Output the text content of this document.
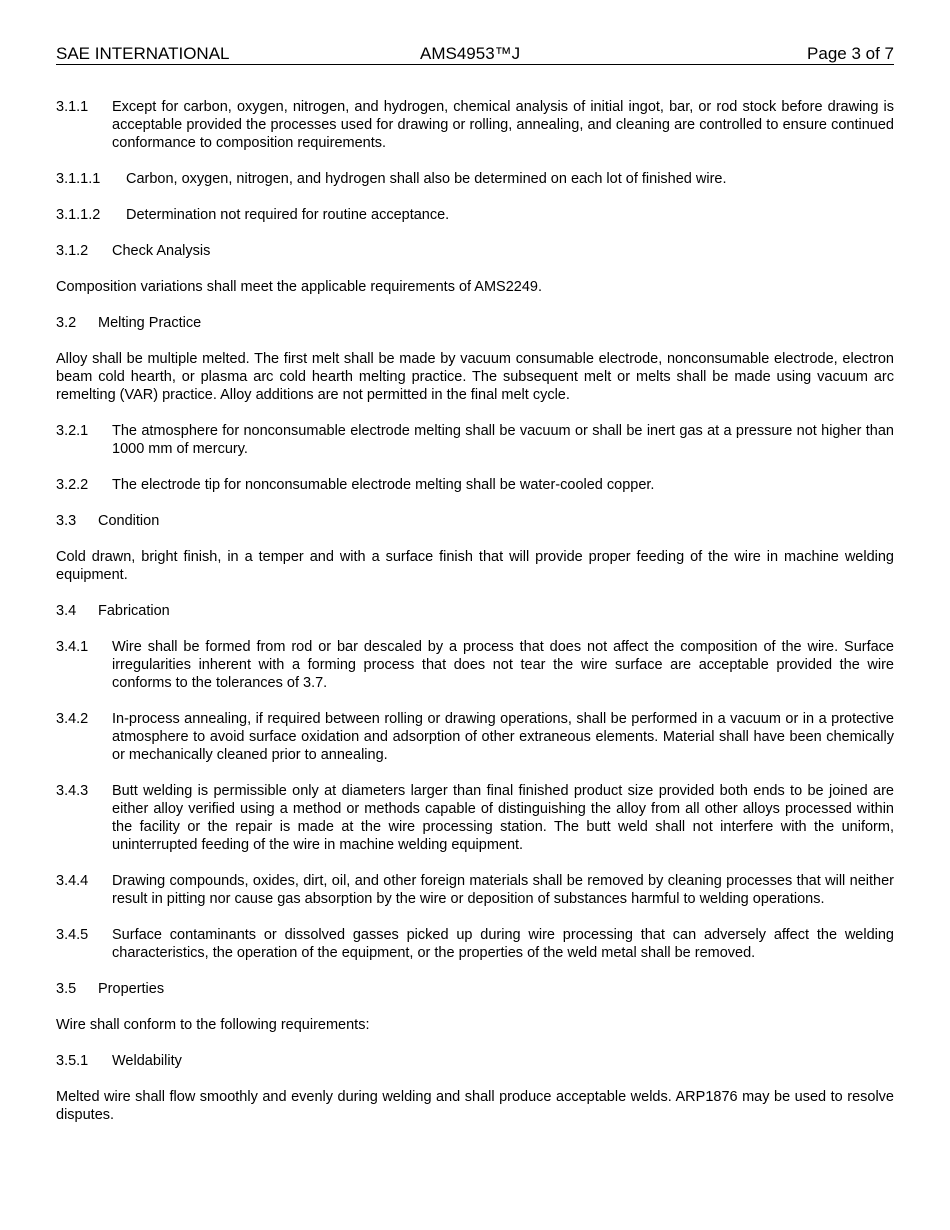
SAE INTERNATIONAL	AMS4953™J	Page 3 of 7
3.1.1	Except for carbon, oxygen, nitrogen, and hydrogen, chemical analysis of initial ingot, bar, or rod stock before drawing is acceptable provided the processes used for drawing or rolling, annealing, and cleaning are controlled to ensure continued conformance to composition requirements.
3.1.1.1	Carbon, oxygen, nitrogen, and hydrogen shall also be determined on each lot of finished wire.
3.1.1.2	Determination not required for routine acceptance.
3.1.2	Check Analysis
Composition variations shall meet the applicable requirements of AMS2249.
3.2	Melting Practice
Alloy shall be multiple melted. The first melt shall be made by vacuum consumable electrode, nonconsumable electrode, electron beam cold hearth, or plasma arc cold hearth melting practice. The subsequent melt or melts shall be made using vacuum arc remelting (VAR) practice. Alloy additions are not permitted in the final melt cycle.
3.2.1	The atmosphere for nonconsumable electrode melting shall be vacuum or shall be inert gas at a pressure not higher than 1000 mm of mercury.
3.2.2	The electrode tip for nonconsumable electrode melting shall be water-cooled copper.
3.3	Condition
Cold drawn, bright finish, in a temper and with a surface finish that will provide proper feeding of the wire in machine welding equipment.
3.4	Fabrication
3.4.1	Wire shall be formed from rod or bar descaled by a process that does not affect the composition of the wire. Surface irregularities inherent with a forming process that does not tear the wire surface are acceptable provided the wire conforms to the tolerances of 3.7.
3.4.2	In-process annealing, if required between rolling or drawing operations, shall be performed in a vacuum or in a protective atmosphere to avoid surface oxidation and adsorption of other extraneous elements. Material shall have been chemically or mechanically cleaned prior to annealing.
3.4.3	Butt welding is permissible only at diameters larger than final finished product size provided both ends to be joined are either alloy verified using a method or methods capable of distinguishing the alloy from all other alloys processed within the facility or the repair is made at the wire processing station. The butt weld shall not interfere with the uniform, uninterrupted feeding of the wire in machine welding equipment.
3.4.4	Drawing compounds, oxides, dirt, oil, and other foreign materials shall be removed by cleaning processes that will neither result in pitting nor cause gas absorption by the wire or deposition of substances harmful to welding operations.
3.4.5	Surface contaminants or dissolved gasses picked up during wire processing that can adversely affect the welding characteristics, the operation of the equipment, or the properties of the weld metal shall be removed.
3.5	Properties
Wire shall conform to the following requirements:
3.5.1	Weldability
Melted wire shall flow smoothly and evenly during welding and shall produce acceptable welds. ARP1876 may be used to resolve disputes.
